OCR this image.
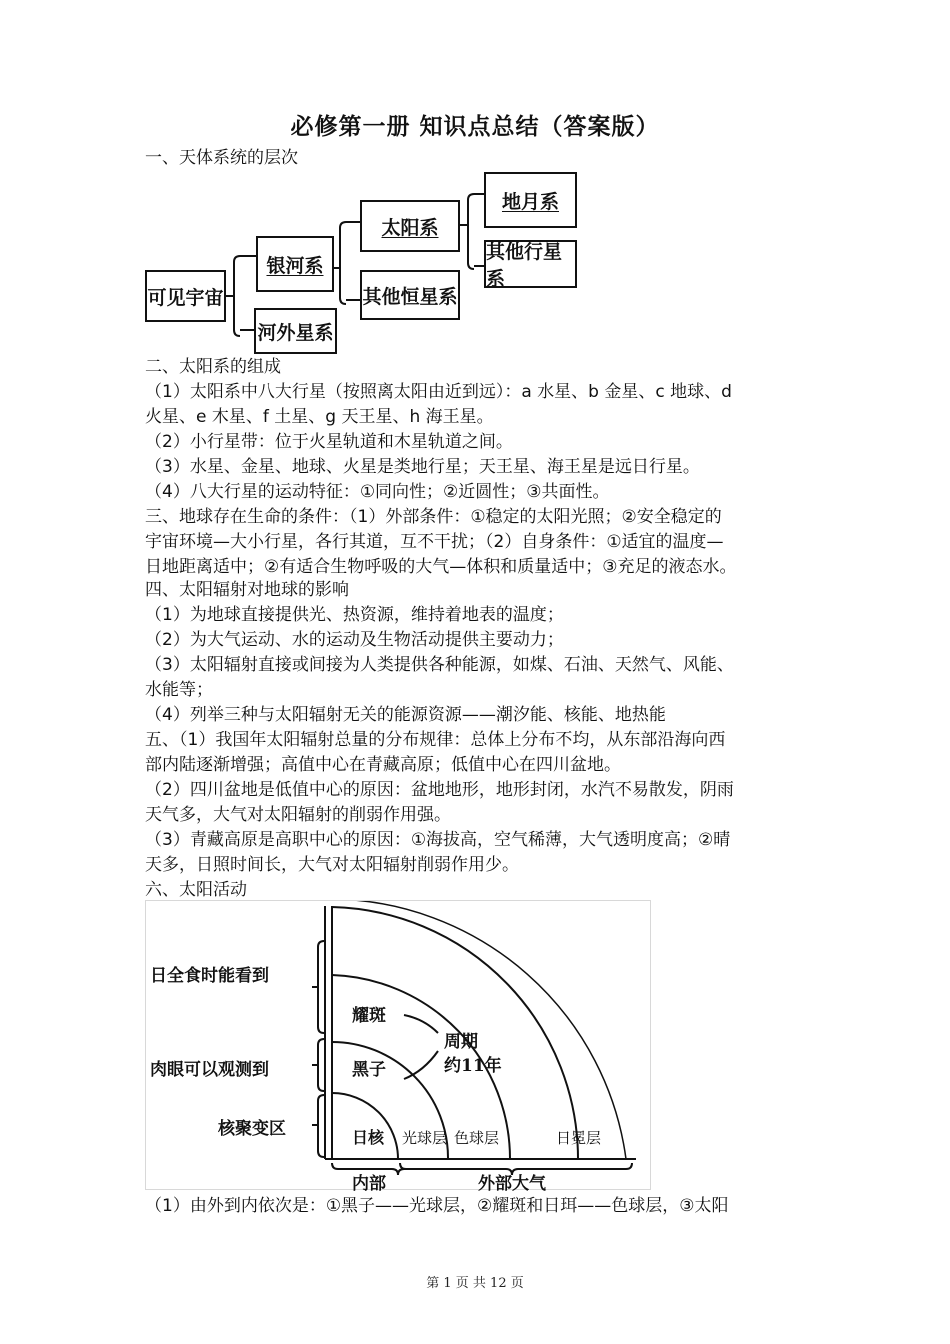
必修第一册 知识点总结（答案版）
一、天体系统的层次
可见宇宙
银河系
河外星系
太阳系
其他恒星系
地月系
其他行星系
二、太阳系的组成
（1）太阳系中八大行星（按照离太阳由近到远）：a 水星、b 金星、c 地球、d
火星、e 木星、f 土星、g 天王星、h 海王星。
（2）小行星带：位于火星轨道和木星轨道之间。
（3）水星、金星、地球、火星是类地行星；天王星、海王星是远日行星。
（4）八大行星的运动特征：①同向性；②近圆性；③共面性。
三、地球存在生命的条件：（1）外部条件：①稳定的太阳光照；②安全稳定的
宇宙环境—大小行星，各行其道，互不干扰；（2）自身条件：①适宜的温度—
日地距离适中；②有适合生物呼吸的大气—体积和质量适中；③充足的液态水。
四、太阳辐射对地球的影响
（1）为地球直接提供光、热资源，维持着地表的温度；
（2）为大气运动、水的运动及生物活动提供主要动力；
（3）太阳辐射直接或间接为人类提供各种能源，如煤、石油、天然气、风能、
水能等；
（4）列举三种与太阳辐射无关的能源资源——潮汐能、核能、地热能
五、（1）我国年太阳辐射总量的分布规律：总体上分布不均，从东部沿海向西
部内陆逐渐增强；高值中心在青藏高原；低值中心在四川盆地。
（2）四川盆地是低值中心的原因：盆地地形，地形封闭，水汽不易散发，阴雨
天气多，大气对太阳辐射的削弱作用强。
（3）青藏高原是高职中心的原因：①海拔高，空气稀薄，大气透明度高；②晴
天多，日照时间长，大气对太阳辐射削弱作用少。
六、太阳活动
日全食时能看到
肉眼可以观测到
核聚变区
耀斑
黑子
周期
约11年
日核 光球层 色球层	日冕层
内部	外部大气
（1）由外到内依次是：①黑子——光球层，②耀斑和日珥——色球层，③太阳
第 1 页 共 12 页
